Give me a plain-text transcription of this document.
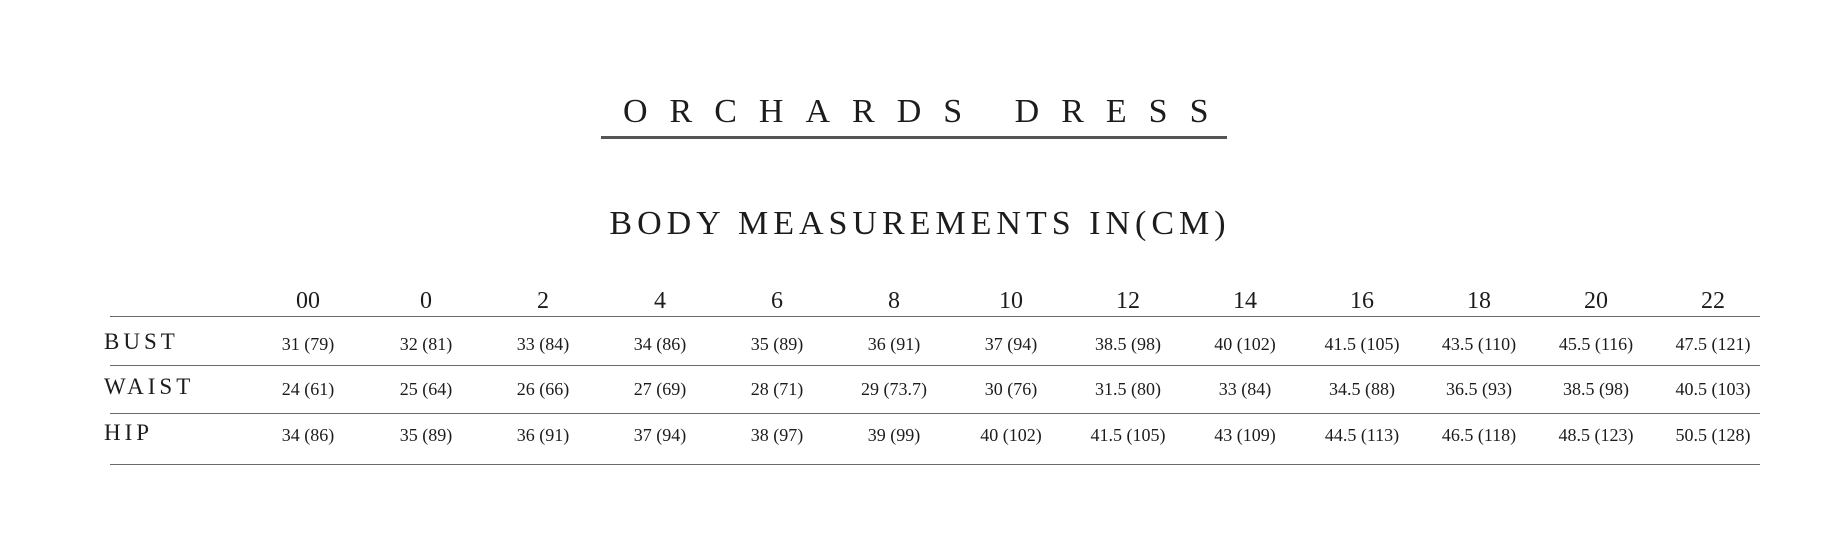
ORCHARDS DRESS
BODY MEASUREMENTS IN(CM)
00	0	2	4	6	8	10	12	14	16	18	20	22
BUST	31 (79)	32 (81)	33 (84)	34 (86)	35 (89)	36 (91)	37 (94)	38.5 (98)	40 (102)	41.5 (105)	43.5 (110)	45.5 (116)	47.5 (121)
WAIST	24 (61)	25 (64)	26 (66)	27 (69)	28 (71)	29 (73.7)	30 (76)	31.5 (80)	33 (84)	34.5 (88)	36.5 (93)	38.5 (98)	40.5 (103)
HIP	34 (86)	35 (89)	36 (91)	37 (94)	38 (97)	39 (99)	40 (102)	41.5 (105)	43 (109)	44.5 (113)	46.5 (118)	48.5 (123)	50.5 (128)
